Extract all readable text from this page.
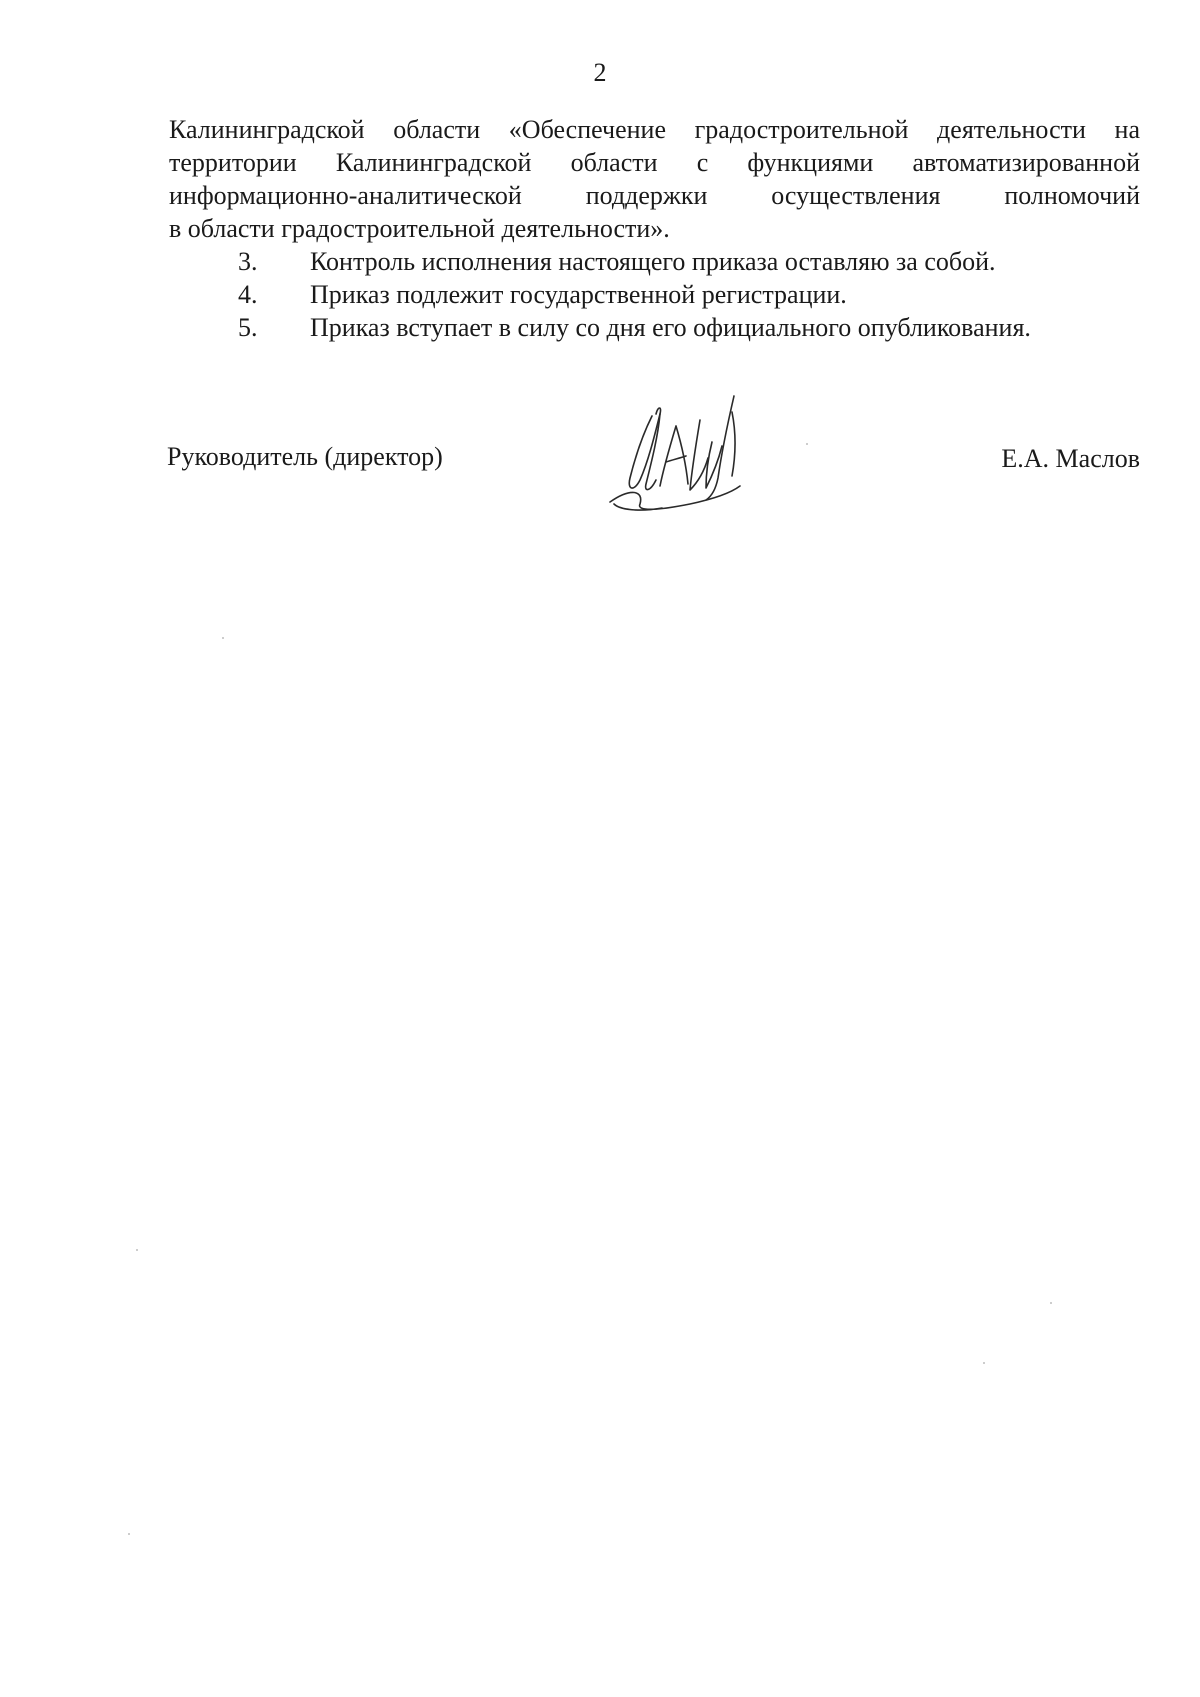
2
Калининградской области «Обеспечение градостроительной деятельности на
территории Калининградской области с функциями автоматизированной
информационно-аналитической поддержки осуществления полномочий
в области градостроительной деятельности».
3. Контроль исполнения настоящего приказа оставляю за собой.
4. Приказ подлежит государственной регистрации.
5. Приказ вступает в силу со дня его официального опубликования.
Руководитель (директор)	Е.А. Маслов
